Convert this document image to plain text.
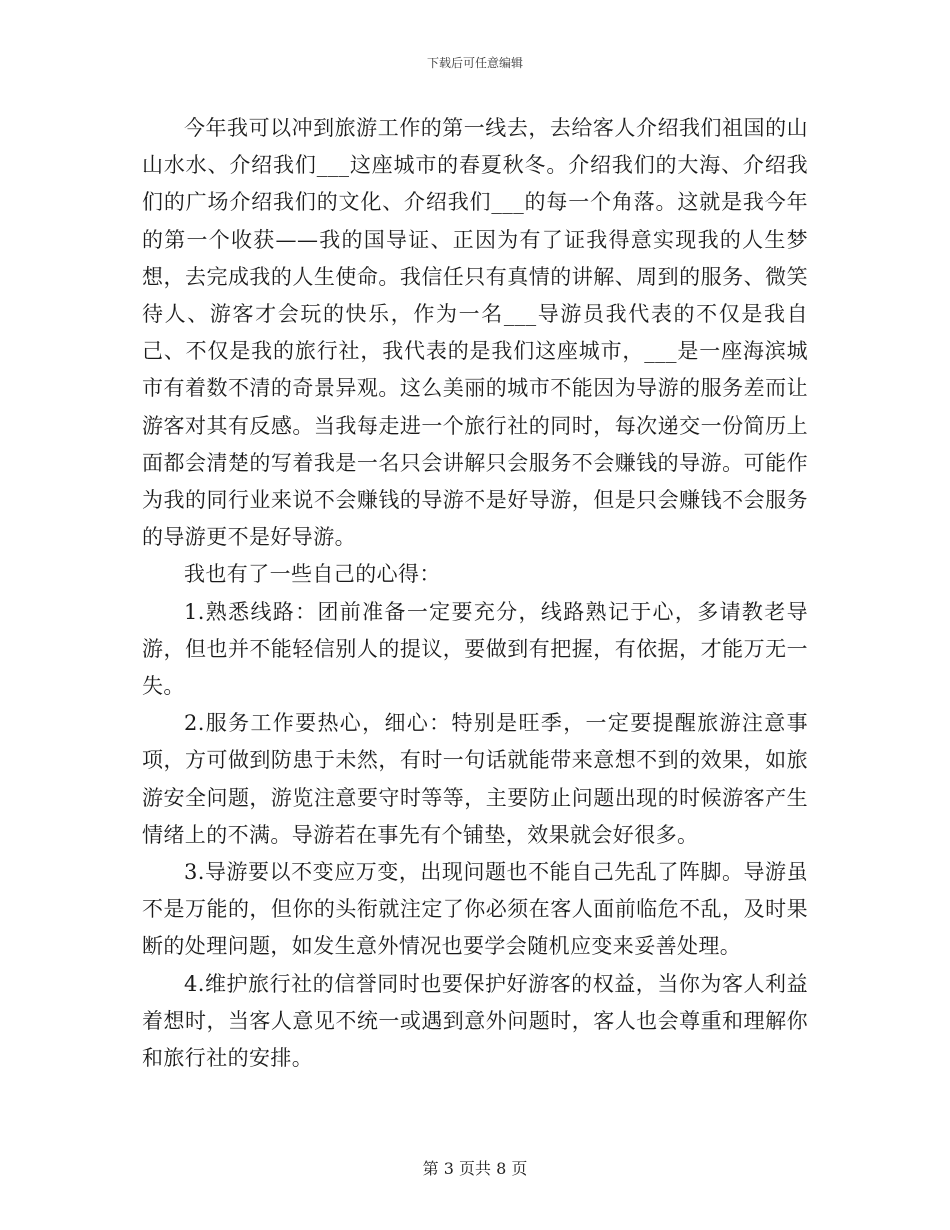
下载后可任意编辑

今年我可以冲到旅游工作的第一线去，去给客人介绍我们祖国的山山水水、介绍我们___这座城市的春夏秋冬。介绍我们的大海、介绍我们的广场介绍我们的文化、介绍我们___的每一个角落。这就是我今年的第一个收获——我的国导证、正因为有了证我得意实现我的人生梦想，去完成我的人生使命。我信任只有真情的讲解、周到的服务、微笑待人、游客才会玩的快乐，作为一名___导游员我代表的不仅是我自己、不仅是我的旅行社，我代表的是我们这座城市，___是一座海滨城市有着数不清的奇景异观。这么美丽的城市不能因为导游的服务差而让游客对其有反感。当我每走进一个旅行社的同时，每次递交一份简历上面都会清楚的写着我是一名只会讲解只会服务不会赚钱的导游。可能作为我的同行业来说不会赚钱的导游不是好导游，但是只会赚钱不会服务的导游更不是好导游。

我也有了一些自己的心得：

1.熟悉线路：团前准备一定要充分，线路熟记于心，多请教老导游，但也并不能轻信别人的提议，要做到有把握，有依据，才能万无一失。

2.服务工作要热心，细心：特别是旺季，一定要提醒旅游注意事项，方可做到防患于未然，有时一句话就能带来意想不到的效果，如旅游安全问题，游览注意要守时等等，主要防止问题出现的时候游客产生情绪上的不满。导游若在事先有个铺垫，效果就会好很多。

3.导游要以不变应万变，出现问题也不能自己先乱了阵脚。导游虽不是万能的，但你的头衔就注定了你必须在客人面前临危不乱，及时果断的处理问题，如发生意外情况也要学会随机应变来妥善处理。

4.维护旅行社的信誉同时也要保护好游客的权益，当你为客人利益着想时，当客人意见不统一或遇到意外问题时，客人也会尊重和理解你和旅行社的安排。

第 3 页共 8 页
